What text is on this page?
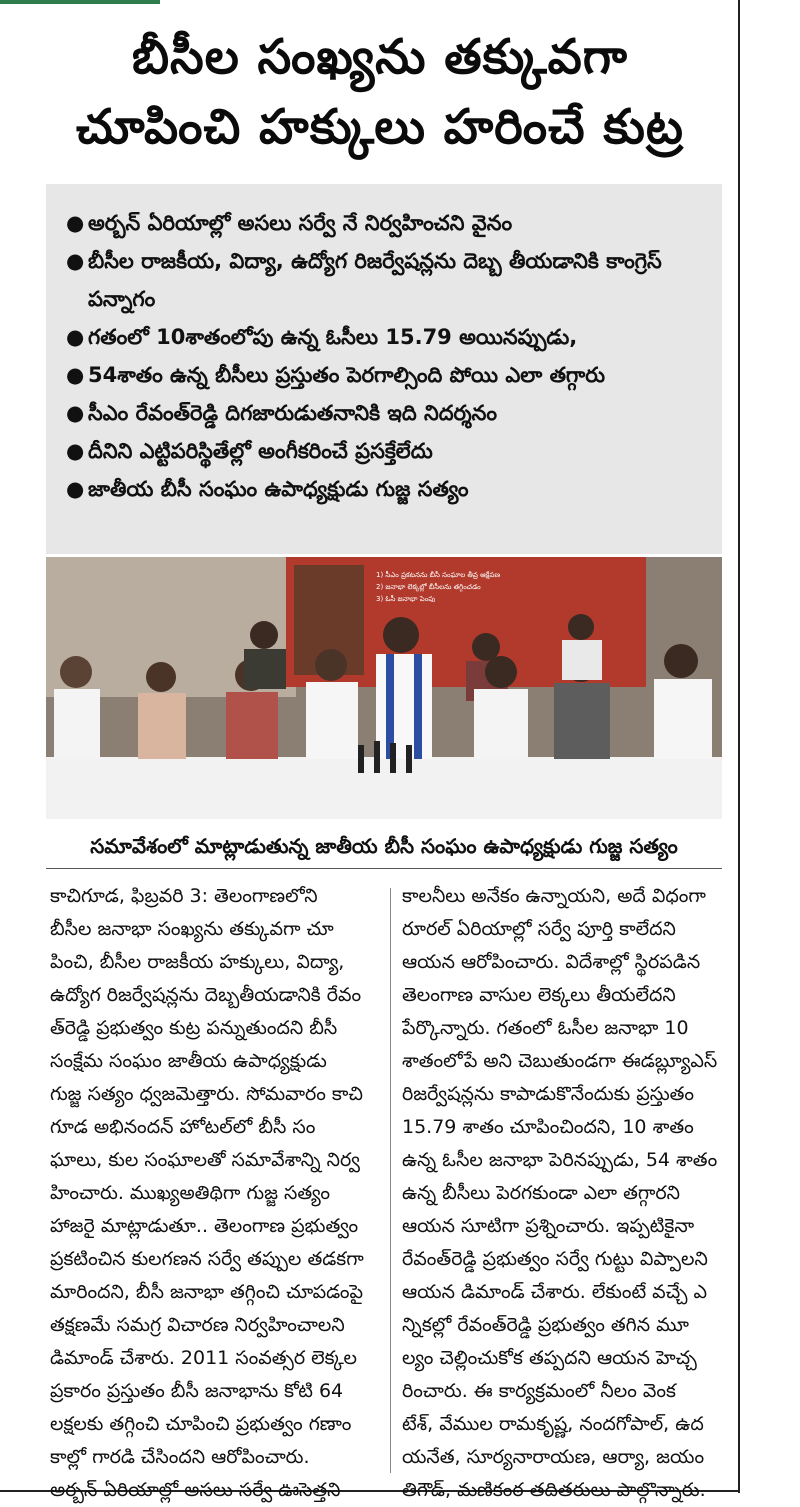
బీసీల సంఖ్యను తక్కువగా
చూపించి హక్కులు హరించే కుట్ర
● అర్బన్ ఏరియాల్లో అసలు సర్వే నే నిర్వహించని వైనం
● బీసీల రాజకీయ, విద్యా, ఉద్యోగ రిజర్వేషన్లను దెబ్బ తీయడానికి కాంగ్రెస్ పన్నాగం
● గతంలో 10శాతంలోపు ఉన్న ఓసీలు 15.79 అయినప్పుడు,
● 54శాతం ఉన్న బీసీలు ప్రస్తుతం పెరగాల్సింది పోయి ఎలా తగ్గారు
● సీఎం రేవంత్‌రెడ్డి దిగజారుడుతనానికి ఇది నిదర్శనం
● దీనిని ఎట్టిపరిస్థితేల్లో అంగీకరించే ప్రసక్తేలేదు
● జాతీయ బీసీ సంఘం ఉపాధ్యక్షుడు గుజ్జ సత్యం
1) సీఎం ప్రకటనను బీసీ సంఘాల తీవ్ర ఆక్షేపణ
2) జనాభా లెక్కల్లో బీసీలను తగ్గించడం
3) ఓసీ జనాభా పెంపు
సమావేశంలో మాట్లాడుతున్న జాతీయ బీసీ సంఘం ఉపాధ్యక్షుడు గుజ్జ సత్యం
కాచిగూడ, ఫిబ్రవరి 3: తెలంగాణలోని
బీసీల జనాభా సంఖ్యను తక్కువగా చూ
పించి, బీసీల రాజకీయ హక్కులు, విద్యా,
ఉద్యోగ రిజర్వేషన్లను దెబ్బతీయడానికి రేవం
త్‌రెడ్డి ప్రభుత్వం కుట్ర పన్నుతుందని బీసీ
సంక్షేమ సంఘం జాతీయ ఉపాధ్యక్షుడు
గుజ్జ సత్యం ధ్వజమెత్తారు. సోమవారం కాచి
గూడ అభినందన్ హోటల్‌లో బీసీ సం
ఘాలు, కుల సంఘాలతో సమావేశాన్ని నిర్వ
హించారు. ముఖ్యఅతిథిగా గుజ్జ సత్యం
హాజరై మాట్లాడుతూ.. తెలంగాణ ప్రభుత్వం
ప్రకటించిన కులగణన సర్వే తప్పుల తడకగా
మారిందని, బీసీ జనాభా తగ్గించి చూపడంపై
తక్షణమే సమగ్ర విచారణ నిర్వహించాలని
డిమాండ్ చేశారు. 2011 సంవత్సర లెక్కల
ప్రకారం ప్రస్తుతం బీసీ జనాభాను కోటి 64
లక్షలకు తగ్గించి చూపించి ప్రభుత్వం గణాం
కాల్లో గారడి చేసిందని ఆరోపించారు.
అర్బన్ ఏరియాల్లో అసలు సర్వే ఊసెత్తని
కాలనీలు అనేకం ఉన్నాయని, అదే విధంగా
రూరల్ ఏరియాల్లో సర్వే పూర్తి కాలేదని
ఆయన ఆరోపించారు. విదేశాల్లో స్థిరపడిన
తెలంగాణ వాసుల లెక్కలు తీయలేదని
పేర్కొన్నారు. గతంలో ఓసీల జనాభా 10
శాతంలోపే అని చెబుతుండగా ఈడబ్ల్యూఎస్
రిజర్వేషన్లను కాపాడుకొనేందుకు ప్రస్తుతం
15.79 శాతం చూపించిందని, 10 శాతం
ఉన్న ఓసీల జనాభా పెరినప్పుడు, 54 శాతం
ఉన్న బీసీలు పెరగకుండా ఎలా తగ్గారని
ఆయన సూటిగా ప్రశ్నించారు. ఇప్పటికైనా
రేవంత్‌రెడ్డి ప్రభుత్వం సర్వే గుట్టు విప్పాలని
ఆయన డిమాండ్ చేశారు. లేకుంటే వచ్చే ఎ
న్నికల్లో రేవంత్‌రెడ్డి ప్రభుత్వం తగిన మూ
ల్యం చెల్లించుకోక తప్పదని ఆయన హెచ్చ
రించారు. ఈ కార్యక్రమంలో నీలం వెంక
టేశ్, వేముల రామకృష్ణ, నందగోపాల్, ఉద
యనేత, సూర్యనారాయణ, ఆర్యా, జయం
తిగౌడ్, మణికంఠ తదితరులు పాల్గొన్నారు.
